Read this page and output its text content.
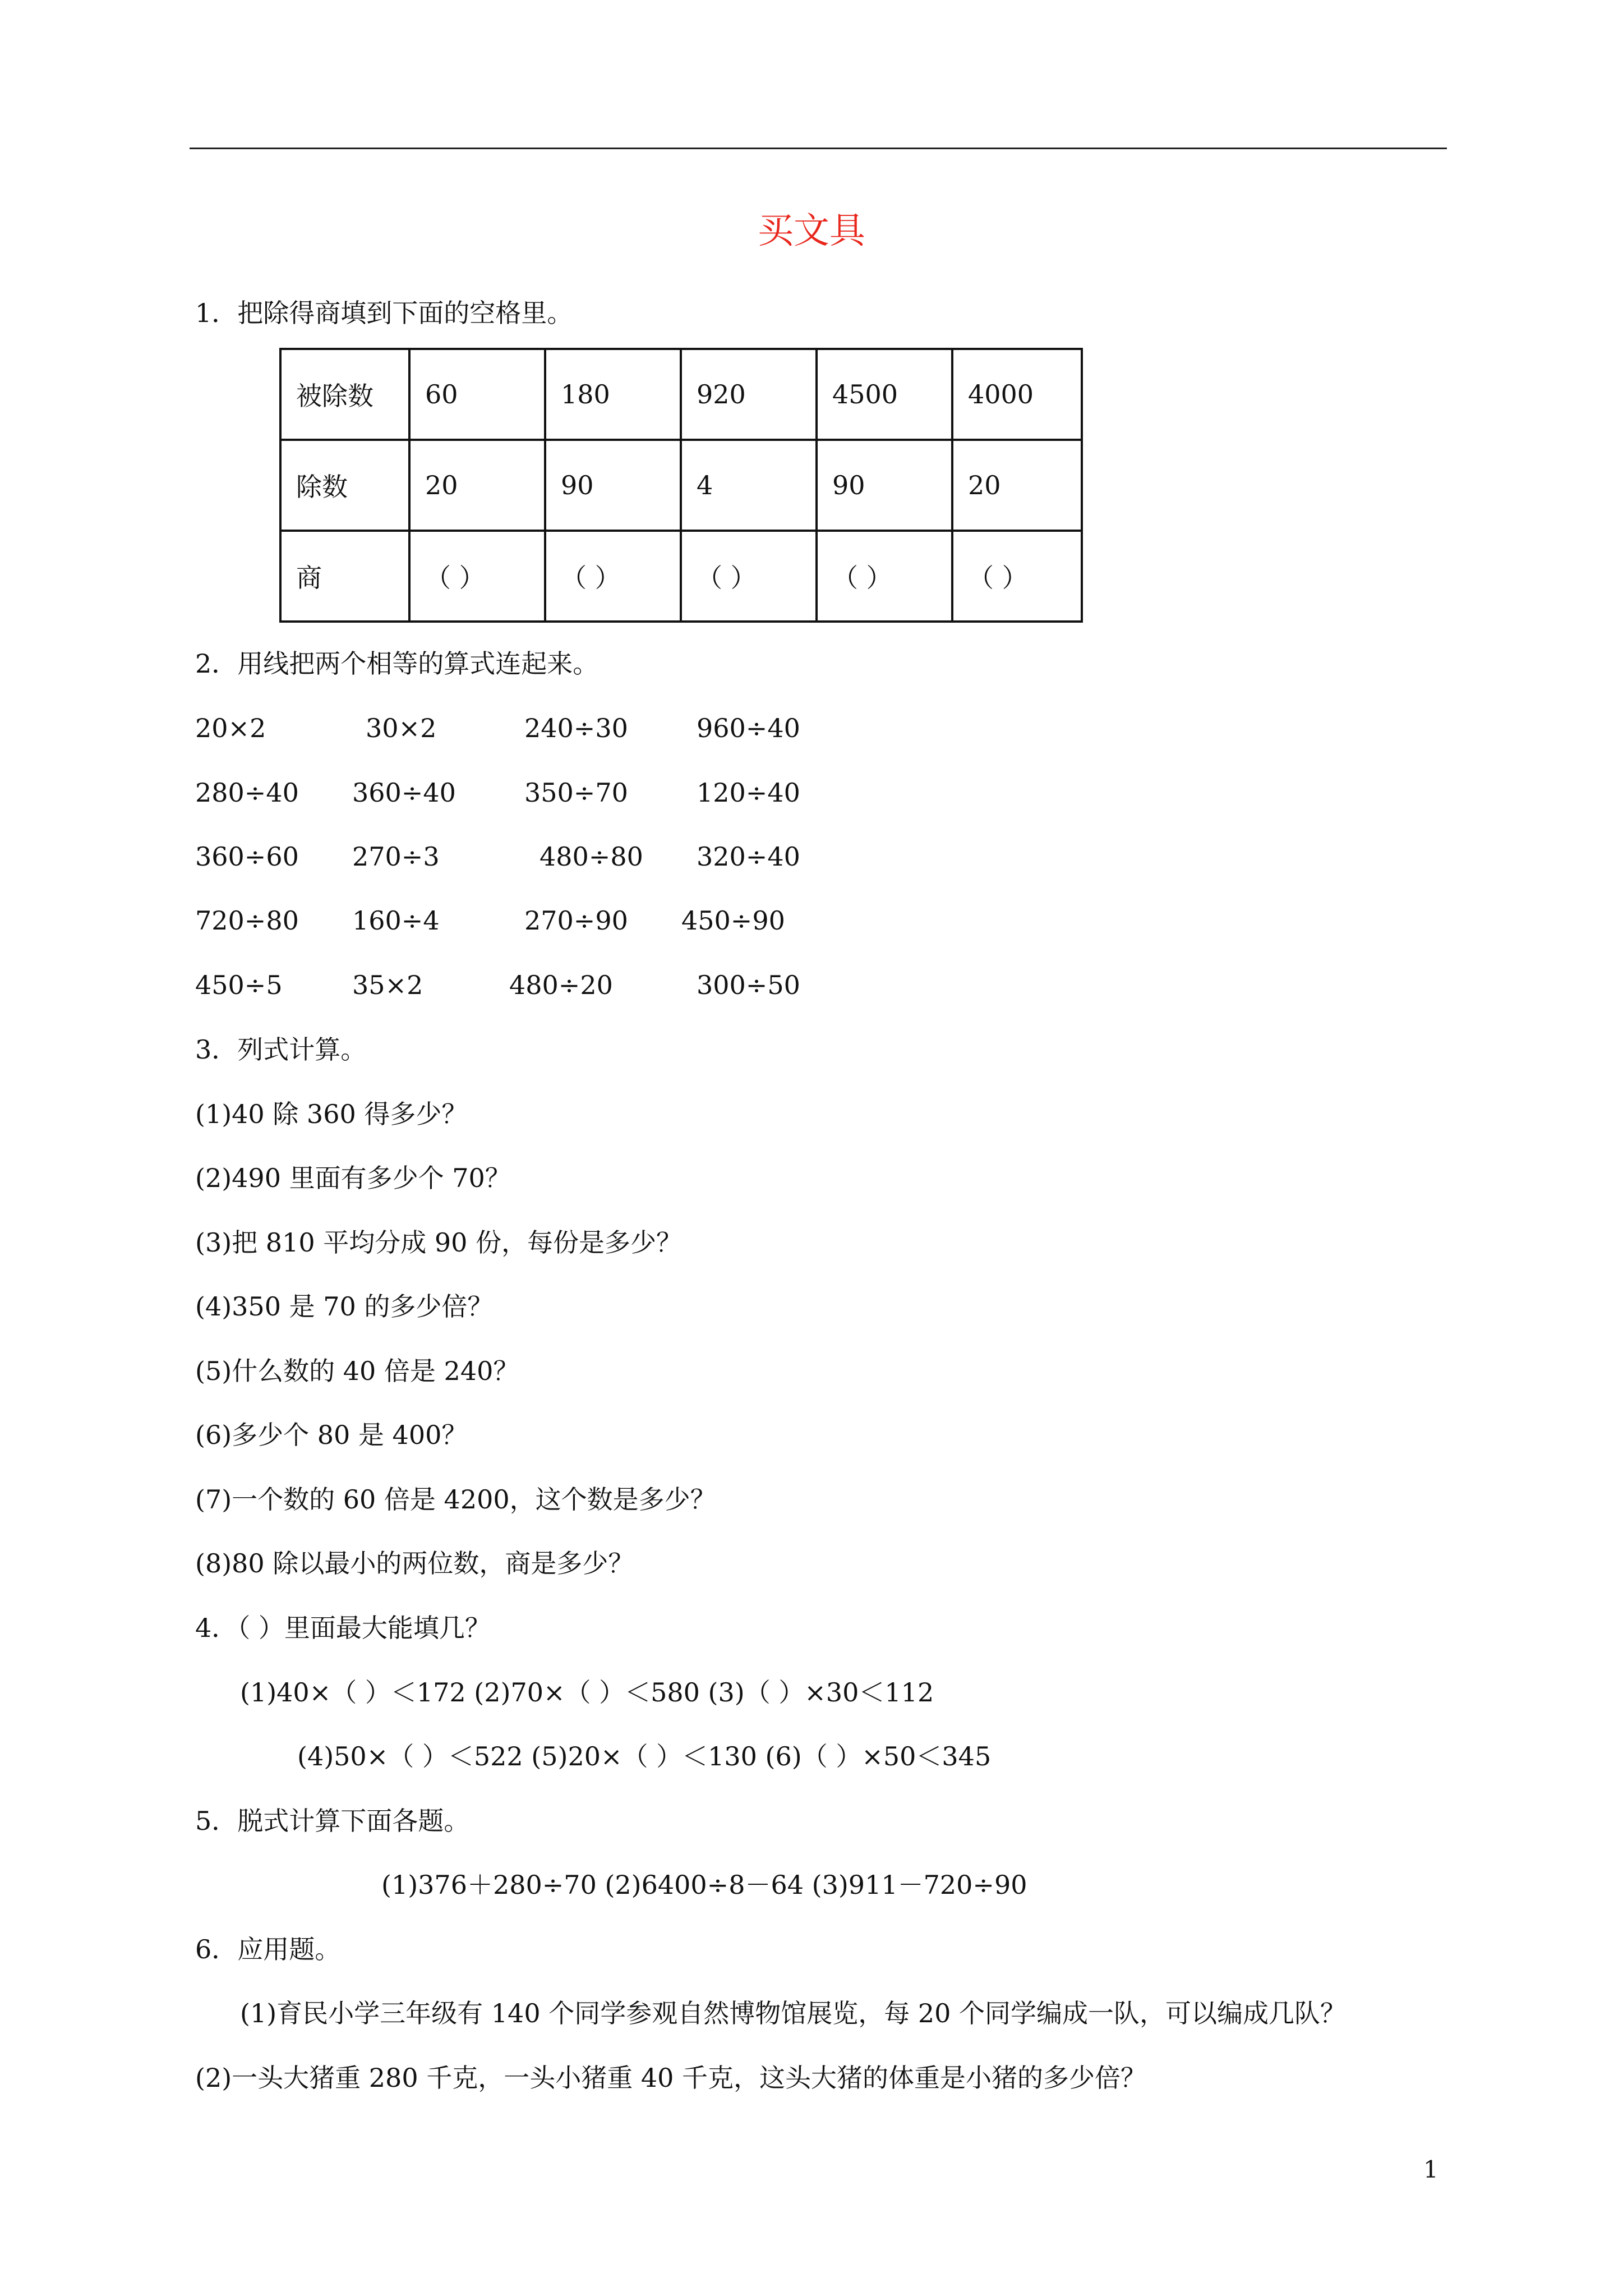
买文具
1．把除得商填到下面的空格里。
被除数	60	180	920	4500	4000
除数	20	90	4	90	20
商	（ ）	（ ）	（ ）	（ ）	（ ）
2．用线把两个相等的算式连起来。
20×2	30×2	240÷30	960÷40
280÷40 360÷40	350÷70	120÷40
360÷60 270÷3	480÷80 320÷40
720÷80 160÷4	270÷90 450÷90
450÷5	35×2	480÷20	300÷50
3．列式计算。
(1)40 除 360 得多少？
(2)490 里面有多少个 70？
(3)把 810 平均分成 90 份，每份是多少？
(4)350 是 70 的多少倍？
(5)什么数的 40 倍是 240？
(6)多少个 80 是 400？
(7)一个数的 60 倍是 4200，这个数是多少？
(8)80 除以最小的两位数，商是多少？
4．（ ）里面最大能填几？
(1)40×（ ）＜172 (2)70×（ ）＜580 (3)（ ）×30＜112
(4)50×（ ）＜522 (5)20×（ ）＜130 (6)（ ）×50＜345
5．脱式计算下面各题。
(1)376＋280÷70 (2)6400÷8－64 (3)911－720÷90
6．应用题。
(1)育民小学三年级有 140 个同学参观自然博物馆展览，每 20 个同学编成一队，可以编成几队？
(2)一头大猪重 280 千克，一头小猪重 40 千克，这头大猪的体重是小猪的多少倍？
1
